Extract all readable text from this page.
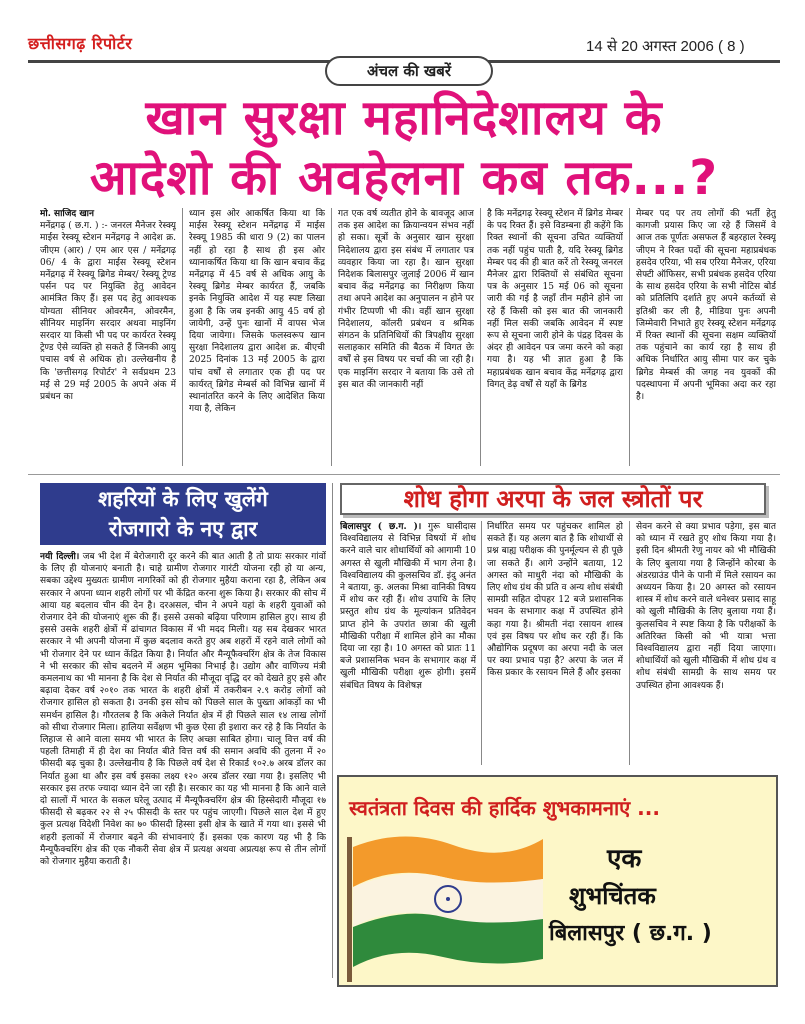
छत्तीसगढ़ रिपोर्टर	14 से 20 अगस्त 2006 ( 8 )
अंचल की खबरें
खान सुरक्षा महानिदेशालय के
आदेशो की अवहेलना कब तक...?
मो. साजिद खान
मनेंद्रगढ़ ( छ.ग. ) :- जनरल मैनेजर रेस्क्यू माईस रेस्क्यू स्टेशन मनेंद्रगढ़ ने आदेश क्र. जीएम (आर) / एम आर एस / मनेंद्रगढ़ 06/ 4 के द्वारा माईस रेस्क्यू स्टेशन मनेंद्रगढ़ में रेस्क्यू ब्रिगेड मेम्बर/ रेस्क्यू ट्रेण्ड पर्सन पद पर नियुक्ति हेतु आवेदन आमंत्रित किए हैं। इस पद हेतु आवश्यक योग्यता सीनियर ओवरमैन, ओवरमैन, सीनियर माइनिंग सरदार अथवा माइनिंग सरदार या किसी भी पद पर कार्यरत रेस्क्यू ट्रेण्ड ऐसे व्यक्ति हो सकते हैं जिनकी आयु पचास वर्ष से अधिक हो। उल्लेखनीय है कि 'छत्तीसगढ़ रिपोर्टर' ने सर्वप्रथम 23 मई से 29 मई 2005 के अपने अंक में प्रबंधन का
ध्यान इस ओर आकर्षित किया था कि माईस रेस्क्यू स्टेशन मनेंद्रगढ़ में माईस रेस्क्यू 1985 की धारा 9 (2) का पालन नहीं हो रहा है साथ ही इस ओर ध्यानाकर्षित किया था कि खान बचाव केंद्र मनेंद्रगढ़ में 45 वर्ष से अधिक आयु के रेस्क्यू ब्रिगेड मेम्बर कार्यरत हैं, जबकि इनके नियुक्ति आदेश में यह स्पष्ट लिखा हुआ है कि जब इनकी आयु 45 वर्ष हो जायेगी, उन्हें पुनः खानों में वापस भेज दिया जायेगा। जिसके फलस्वरूप खान सुरक्षा निदेशालय द्वारा आदेश क्र. बीएची 2025 दिनांक 13 मई 2005 के द्वारा पांच वर्षों से लगातार एक ही पद पर कार्यरत् ब्रिगेड मेम्बर्स को विभिन्न खानों में स्थानांतरित करने के लिए आदेशित किया गया है, लेकिन
गत एक वर्ष व्यतीत होने के बावजूद आज तक इस आदेश का क्रियान्वयन संभव नहीं हो सका। सूत्रों के अनुसार खान सुरक्षा निदेशालय द्वारा इस संबंध में लगातार पत्र व्यवहार किया जा रहा है। खान सुरक्षा निदेशक बिलासपुर जुलाई 2006 में खान बचाव केंद्र मनेंद्रगढ़ का निरीक्षण किया तथा अपने आदेश का अनुपालन न होने पर गंभीर टिप्पणी भी की। वहीं खान सुरक्षा निदेशालय, कॉलरी प्रबंधन व श्रमिक संगठन के प्रतिनिधियों की त्रिपक्षीय सुरक्षा सलाहकार समिति की बैठक में विगत छेः वर्षों से इस विषय पर चर्चा की जा रही है। एक माइनिंग सरदार ने बताया कि उसे तो इस बात की जानकारी नहीं
है कि मनेंद्रगढ़ रेस्क्यू स्टेशन में ब्रिगेड मेम्बर के पद रिक्त हैं। इसे विडम्बना ही कहेंगे कि रिक्त स्थानों की सूचना उचित व्यक्तियों तक नहीं पहुंच पाती है, यदि रेस्क्यू ब्रिगेड मेम्बर पद की ही बात करें तो रेस्क्यू जनरल मैनेजर द्वारा रिक्तियों से संबंधित सूचना पत्र के अनुसार 15 मई 06 को सूचना जारी की गई है जहाँ तीन महीने होने जा रहे हैं किसी को इस बात की जानकारी नहीं मिल सकी जबकि आवेदन में स्पष्ट रूप से सूचना जारी होने के पंद्रह दिवस के अंदर ही आवेदन पत्र जमा करने को कहा गया है। यह भी ज्ञात हुआ है कि महाप्रबंधक खान बचाव केंद्र मनेंद्रगढ़ द्वारा विगत् डेढ़ वर्षों से यहाँ के ब्रिगेड
मेम्बर पद पर तय लोगों की भर्ती हेतु कागजी प्रयास किए जा रहे हैं जिसमें वे आज तक पूर्णतः असफल हैं बहरहाल रेस्क्यू जीएम ने रिक्त पदों की सूचना महाप्रबंधक हसदेव एरिया, भी सब एरिया मैनेजर, एरिया सेफ्टी ऑफिसर, सभी प्रबंधक हसदेव एरिया के साथ हसदेव एरिया के सभी नोटिस बोर्ड को प्रतिलिपि दर्शाते हुए अपने कर्तव्यों से इतिश्री कर ली है, मीडिया पुनः अपनी जिम्मेवारी निभाते हुए रेस्क्यू स्टेशन मनेंद्रगढ़ में रिक्त स्थानों की सूचना सक्षम व्यक्तियों तक पहुंचाने का कार्य रहा है साथ ही अधिक निर्धारित आयु सीमा पार कर चुके ब्रिगेड मेम्बर्स की जगह नव युवकों की पदस्थापना में अपनी भूमिका अदा कर रहा है।
शहरियों के लिए खुलेंगे
रोजगारो के नए द्वार
नयी दिल्ली। जब भी देश में बेरोजगारी दूर करने की बात आती है तो प्रायः सरकार गांवों के लिए ही योजनाएं बनाती है। चाहे ग्रामीण रोजगार गारंटी योजना रही हो या अन्य, सबका उद्देश्य मुख्यतः ग्रामीण नागरिकों को ही रोजगार मुहैया कराना रहा है, लेकिन अब सरकार ने अपना ध्यान शहरी लोगों पर भी केंद्रित करना शुरू किया है। सरकार की सोच में आया यह बदलाव चीन की देन है। दरअसल, चीन ने अपने यहां के शहरी युवाओं को रोजगार देने की योजनाएं शुरू की हैं। इससे उसको बढ़िया परिणाम हासिल हुए। साथ ही इससे उसके शहरी क्षेत्रों में ढांचागत विकास में भी मदद मिली। यह सब देखकर भारत सरकार ने भी अपनी योजना में कुछ बदलाव करते हुए अब शहरों में रहने वाले लोगों को भी रोजगार देने पर ध्यान केंद्रित किया है। निर्यात और मैन्यूफैक्चरिंग क्षेत्र के तेज विकास ने भी सरकार की सोच बदलने में अहम भूमिका निभाई है। उद्योग और वाणिज्य मंत्री कमलनाथ का भी मानना है कि देश से निर्यात की मौजूदा वृद्धि दर को देखते हुए इसे और बढ़ावा देकर वर्ष २०१० तक भारत के शहरी क्षेत्रों में तकरीबन २.९ करोड़ लोगों को रोजगार हासिल हो सकता है। उनकी इस सोच को पिछले साल के पुख्ता आंकड़ों का भी समर्थन हासिल है। गौरतलब है कि अकेले निर्यात क्षेत्र में ही पिछले साल १४ लाख लोगों को सीधा रोजगार मिला। हालिया सर्वेक्षण भी कुछ ऐसा ही इशारा कर रहे है कि निर्यात के लिहाज से आने वाला समय भी भारत के लिए अच्छा साबित होगा। चालू वित्त वर्ष की पहली तिमाही में ही देश का निर्यात बीते वित्त वर्ष की समान अवधि की तुलना में २० फीसदी बढ़ चुका है। उल्लेखनीय है कि पिछले वर्ष देश से रिकार्ड १०२.७ अरब डॉलर का निर्यात हुआ था और इस वर्ष इसका लक्ष्य १२० अरब डॉलर रखा गया है। इसलिए भी सरकार इस तरफ ज्यादा ध्यान देने जा रही है। सरकार का यह भी मानना है कि आने वाले दो सालों में भारत के सकल घरेलू उत्पाद में मैन्यूफैक्चरिंग क्षेत्र की हिस्सेदारी मौजूदा १७ फीसदी से बढ़कर २२ से २५ फीसदी के स्तर पर पहुंच जाएगी। पिछले साल देश में हुए कुल प्रत्यक्ष विदेशी निवेश का ७० फीसदी हिस्सा इसी क्षेत्र के खाते में गया था। इससे भी शहरी इलाकों में रोजगार बढ़ने की संभावनाएं हैं। इसका एक कारण यह भी है कि मैन्यूफैक्चरिंग क्षेत्र की एक नौकरी सेवा क्षेत्र में प्रत्यक्ष अथवा अप्रत्यक्ष रूप से तीन लोगों को रोजगार मुहैया कराती है।
शोध होगा अरपा के जल स्त्रोतों पर
बिलासपुर ( छ.ग. )। गुरू घासीदास विश्वविद्यालय से विभिन्न विषयों में शोध करने वाले चार शोधार्थियों को आगामी 10 अगस्त से खुली मौखिकी में भाग लेना है। विश्वविद्यालय की कुलसचिव डॉ. इंदु अनंत ने बताया, कु. अलका मिश्रा वानिकी विषय में शोध कर रही हैं। शोध उपाधि के लिए प्रस्तुत शोध ग्रंथ के मूल्यांकन प्रतिवेदन प्राप्त होने के उपरांत छात्रा की खुली मौखिकी परीक्षा में शामिल होने का मौका दिया जा रहा है। 10 अगस्त को प्रातः 11 बजे प्रशासनिक भवन के सभागार कक्ष में खुली मौखिकी परीक्षा शुरू होगी। इसमें संबंधित विषय के विशेषज्ञ
निर्धारित समय पर पहुंचकर शामिल हो सकते हैं। यह अलग बात है कि शोधार्थी से प्रश्न बाह्य परीक्षक की पुनर्मूल्यन से ही पूछे जा सकते हैं। आगे उन्होंने बताया, 12 अगस्त को माधुरी नंदा को मौखिकी के लिए शोध ग्रंथ की प्रति व अन्य शोध संबंधी सामग्री सहित दोपहर 12 बजे प्रशासनिक भवन के सभागार कक्ष में उपस्थित होने कहा गया है। श्रीमती नंदा रसायन शास्त्र एवं इस विषय पर शोध कर रही हैं। कि औद्योगिक प्रदूषण का अरपा नदी के जल पर क्या प्रभाव पड़ा है? अरपा के जल में किस प्रकार के रसायन मिले हैं और इसका
सेवन करने से क्या प्रभाव पड़ेगा, इस बात को ध्यान में रखते हुए शोध किया गया है। इसी दिन श्रीमती रेणु नायर को भी मौखिकी के लिए बुलाया गया है जिन्होंने कोरबा के अंडरग्राउंड पीने के पानी में मिले रसायन का अध्ययन किया है। 20 अगस्त को रसायन शास्त्र में शोध करने वाले धनेश्वर प्रसाद साहू को खुली मौखिकी के लिए बुलाया गया हैं। कुलसचिव ने स्पष्ट किया है कि परीक्षकों के अतिरिक्त किसी को भी यात्रा भत्ता विश्वविद्यालय द्वारा नहीं दिया जाएगा। शोधार्थियों को खुली मौखिकी में शोध ग्रंथ व शोध संबंधी सामग्री के साथ समय पर उपस्थित होना आवश्यक हैं।
स्वतंत्रता दिवस की हार्दिक शुभकामनाएं ...
एक
शुभचिंतक
बिलासपुर ( छ.ग. )
